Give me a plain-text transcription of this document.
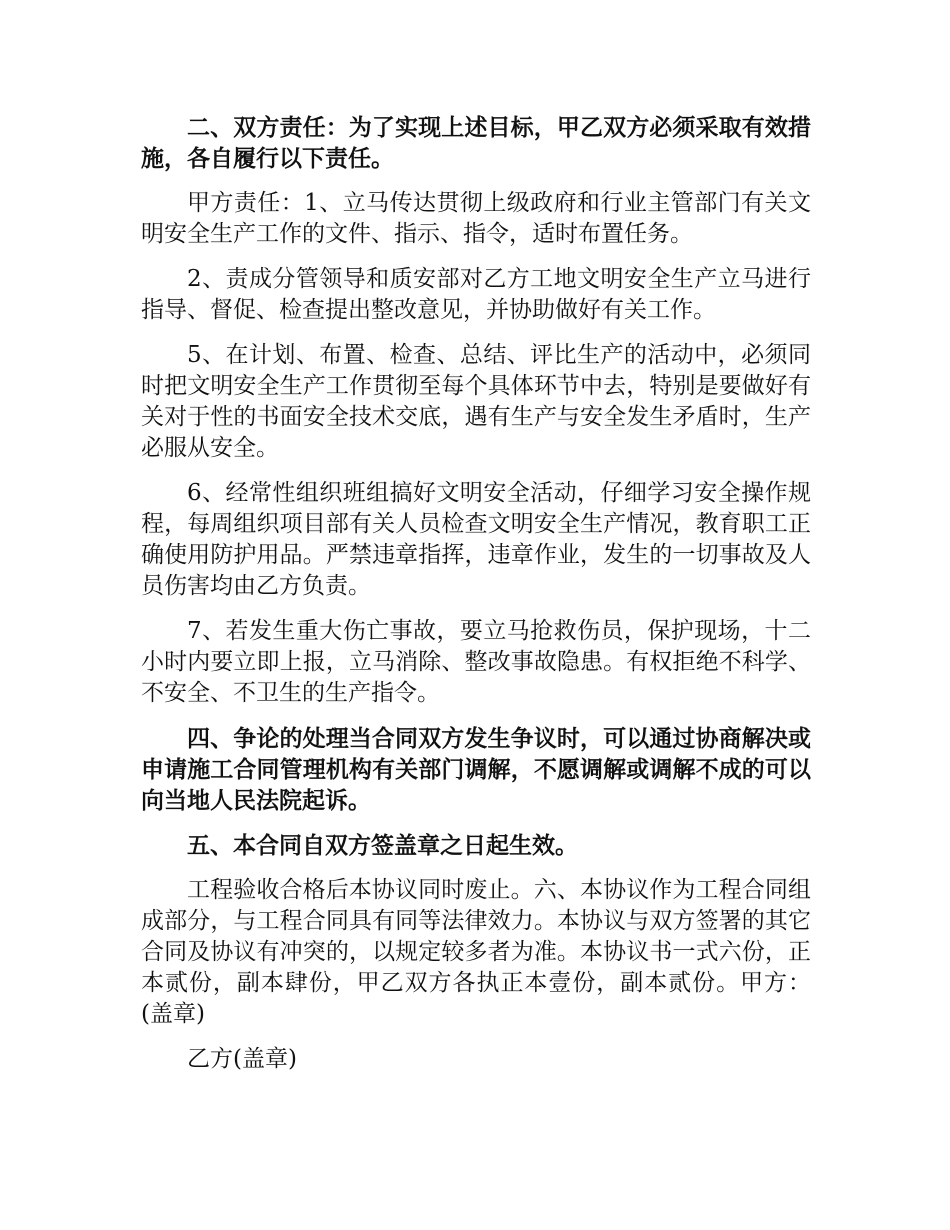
二、双方责任：为了实现上述目标，甲乙双方必须采取有效措施，各自履行以下责任。

甲方责任：1、立马传达贯彻上级政府和行业主管部门有关文明安全生产工作的文件、指示、指令，适时布置任务。

2、责成分管领导和质安部对乙方工地文明安全生产立马进行指导、督促、检查提出整改意见，并协助做好有关工作。

5、在计划、布置、检查、总结、评比生产的活动中，必须同时把文明安全生产工作贯彻至每个具体环节中去，特别是要做好有关对于性的书面安全技术交底，遇有生产与安全发生矛盾时，生产必服从安全。

6、经常性组织班组搞好文明安全活动，仔细学习安全操作规程，每周组织项目部有关人员检查文明安全生产情况，教育职工正确使用防护用品。严禁违章指挥，违章作业，发生的一切事故及人员伤害均由乙方负责。

7、若发生重大伤亡事故，要立马抢救伤员，保护现场，十二小时内要立即上报，立马消除、整改事故隐患。有权拒绝不科学、不安全、不卫生的生产指令。

四、争论的处理当合同双方发生争议时，可以通过协商解决或申请施工合同管理机构有关部门调解，不愿调解或调解不成的可以向当地人民法院起诉。

五、本合同自双方签盖章之日起生效。

工程验收合格后本协议同时废止。六、本协议作为工程合同组成部分，与工程合同具有同等法律效力。本协议与双方签署的其它合同及协议有冲突的，以规定较多者为准。本协议书一式六份，正本贰份，副本肆份，甲乙双方各执正本壹份，副本贰份。甲方：(盖章)

乙方(盖章)
